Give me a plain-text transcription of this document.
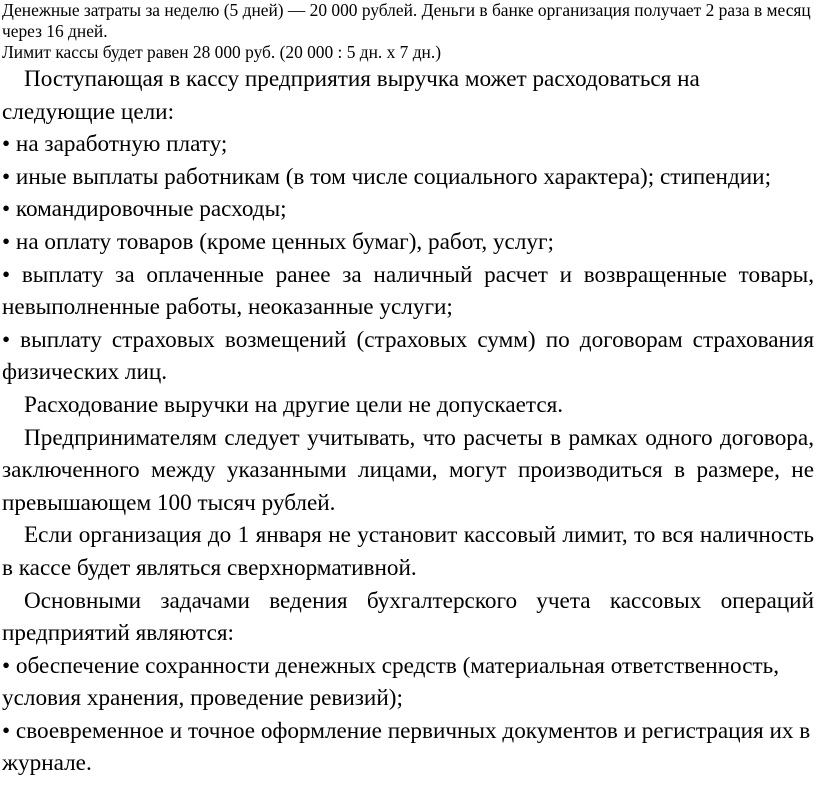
Денежные затраты за неделю (5 дней) — 20 000 рублей. Деньги в банке организация получает 2 раза в месяц через 16 дней.

Лимит кассы будет равен 28 000 руб. (20 000 : 5 дн. х 7 дн.)

Поступающая в кассу предприятия выручка может расходоваться на следующие цели:

• на заработную плату;

• иные выплаты работникам (в том числе социального характера); стипендии;

• командировочные расходы;

• на оплату товаров (кроме ценных бумаг), работ, услуг;

• выплату за оплаченные ранее за наличный расчет и возвращенные товары, невыполненные работы, неоказанные услуги;

• выплату страховых возмещений (страховых сумм) по договорам страхования физических лиц.

Расходование выручки на другие цели не допускается.

Предпринимателям следует учитывать, что расчеты в рамках одного договора, заключенного между указанными лицами, могут производиться в размере, не превышающем 100 тысяч рублей.

Если организация до 1 января не установит кассовый лимит, то вся наличность в кассе будет являться сверхнормативной.

Основными задачами ведения бухгалтерского учета кассовых операций предприятий являются:

• обеспечение сохранности денежных средств (материальная ответственность, условия хранения, проведение ревизий);

• своевременное и точное оформление первичных документов и регистрация их в журнале.
